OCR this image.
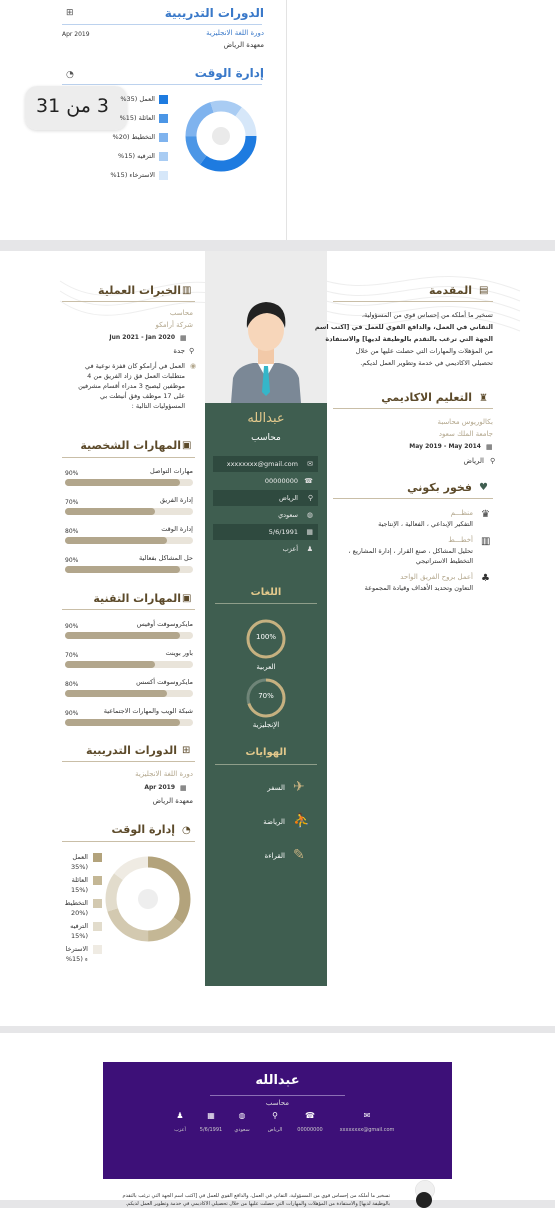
⊞	الدورات التدريبية
Apr 2019	دورة اللغة الانجليزية
معهدة الرياض
◔	إدارة الوقت
3 من 31 العمل (35%
العائلة (15%
التخطيط (20%
الترفيه (15%
الاسترخاء (15%
عبدالله
محاسب
xxxxxxxx@gmail.com ✉
00000000 ☎
الرياض ⚲
سعودي ◍
5/6/1991 ▦
أعزب ♟
اللغات
100%
العربية
70%
الإنجليزية
الهوايات
✈
السفر
⛹
الرياضة
✎
القراءة
▥
الخبرات العملية
محاسب
شركة أرامكو
▦
Jun 2021 - Jan 2020
⚲
جدة
◉
العمل في أرامكو كان قفزة نوعية في
متطلبات العمل فق زاد الفريق من 4
موظفين ليصبح 3 مدراء أقسام مشرفين
على 17 موظف وفق أنيطت بي
المسؤوليات التالية :
▣
المهارات الشخصية
مهارات التواصل
90%
إدارة الفريق
70%
إدارة الوقت
80%
حل المشاكل بفعالية
90%
▣
المهارات التقنية
مايكروسوفت أوفيس
90%
باور بوينت
70%
مايكروسوفت أكسس
80%
شبكة الويب والمهارات الاجتماعية
90%
⊞
الدورات التدريبية
دورة اللغة الانجليزية
▦
Apr 2019
معهدة الرياض
◔
إدارة الوقت
العمل
(35%
العائلة
(15%
التخطيط
(20%
الترفيه
(15%
الاسترخا
ء (15%
▤
المقدمة
تسخير ما أملكه من إحساس قوي من المسؤولية،
التفاني في العمل، والدافع القوي للعمل في [اكتب اسم
الجهة التي ترغب بالتقدم بالوظيفة لديها] والاستفادة
من المؤهلات والمهارات التي حصلت عليها من خلال
تحصيلي الاكاديمي في خدمة وتطوير العمل لديكم.
♜
التعليم الاكاديمي
بكالوريوس محاسبة
جامعة الملك سعود
▦
May 2019 - May 2014
⚲
الرياض
♥
فخور بكوني
♛
منظـــم
التفكير الإبداعي ، الفعالية ، الإنتاجية
▥
أخطـــط
تحليل المشاكل ، صنع القرار ، إدارة المشاريع ،
التخطيط الاستراتيجي
♣
أعمل بروح الفريق الواحد
التعاون وتحديد الأهداف وقيادة المجموعة
عبدالله
محاسب
✉
xxxxxxxx@gmail.com
☎
00000000
⚲
الرياض
◍
سعودي
▦
5/6/1991
♟
أعزب
تسخير ما أملكه من إحساس قوي من المسؤولية، التفاني في العمل، والدافع القوي للعمل في [اكتب اسم الجهة التي ترغب بالتقدم
بالوظيفة لديها] والاستفادة من المؤهلات والمهارات التي حصلت عليها من خلال تحصيلي الاكاديمي في خدمة وتطوير العمل لديكم.
